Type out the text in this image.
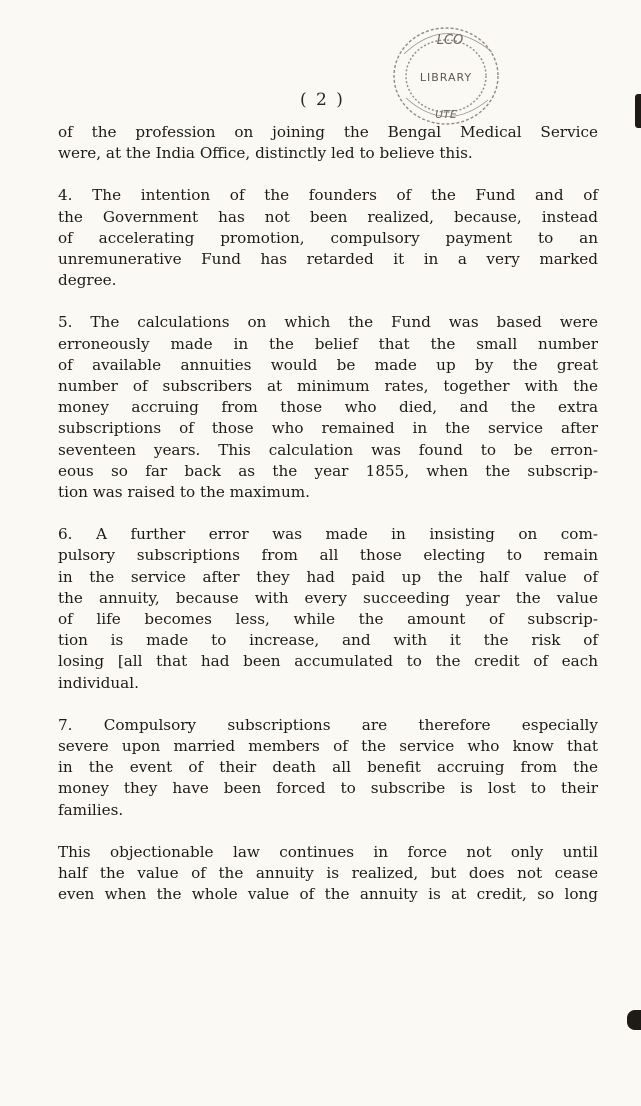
( 2 )
LIBRARY
LCO
UTE
of the profession on joining the Bengal Medical Service
were, at the India Office, distinctly led to believe this.
4. The intention of the founders of the Fund and of
the Government has not been realized, because, instead
of accelerating promotion, compulsory payment to an
unremunerative Fund has retarded it in a very marked
degree.
5. The calculations on which the Fund was based were
erroneously made in the belief that the small number
of available annuities would be made up by the great
number of subscribers at minimum rates, together with the
money accruing from those who died, and the extra
subscriptions of those who remained in the service after
seventeen years. This calculation was found to be erron-
eous so far back as the year 1855, when the subscrip-
tion was raised to the maximum.
6. A further error was made in insisting on com-
pulsory subscriptions from all those electing to remain
in the service after they had paid up the half value of
the annuity, because with every succeeding year the value
of life becomes less, while the amount of subscrip-
tion is made to increase, and with it the risk of
losing [all that had been accumulated to the credit of each
individual.
7. Compulsory subscriptions are therefore especially
severe upon married members of the service who know that
in the event of their death all benefit accruing from the
money they have been forced to subscribe is lost to their
families.
This objectionable law continues in force not only until
half the value of the annuity is realized, but does not cease
even when the whole value of the annuity is at credit, so long
